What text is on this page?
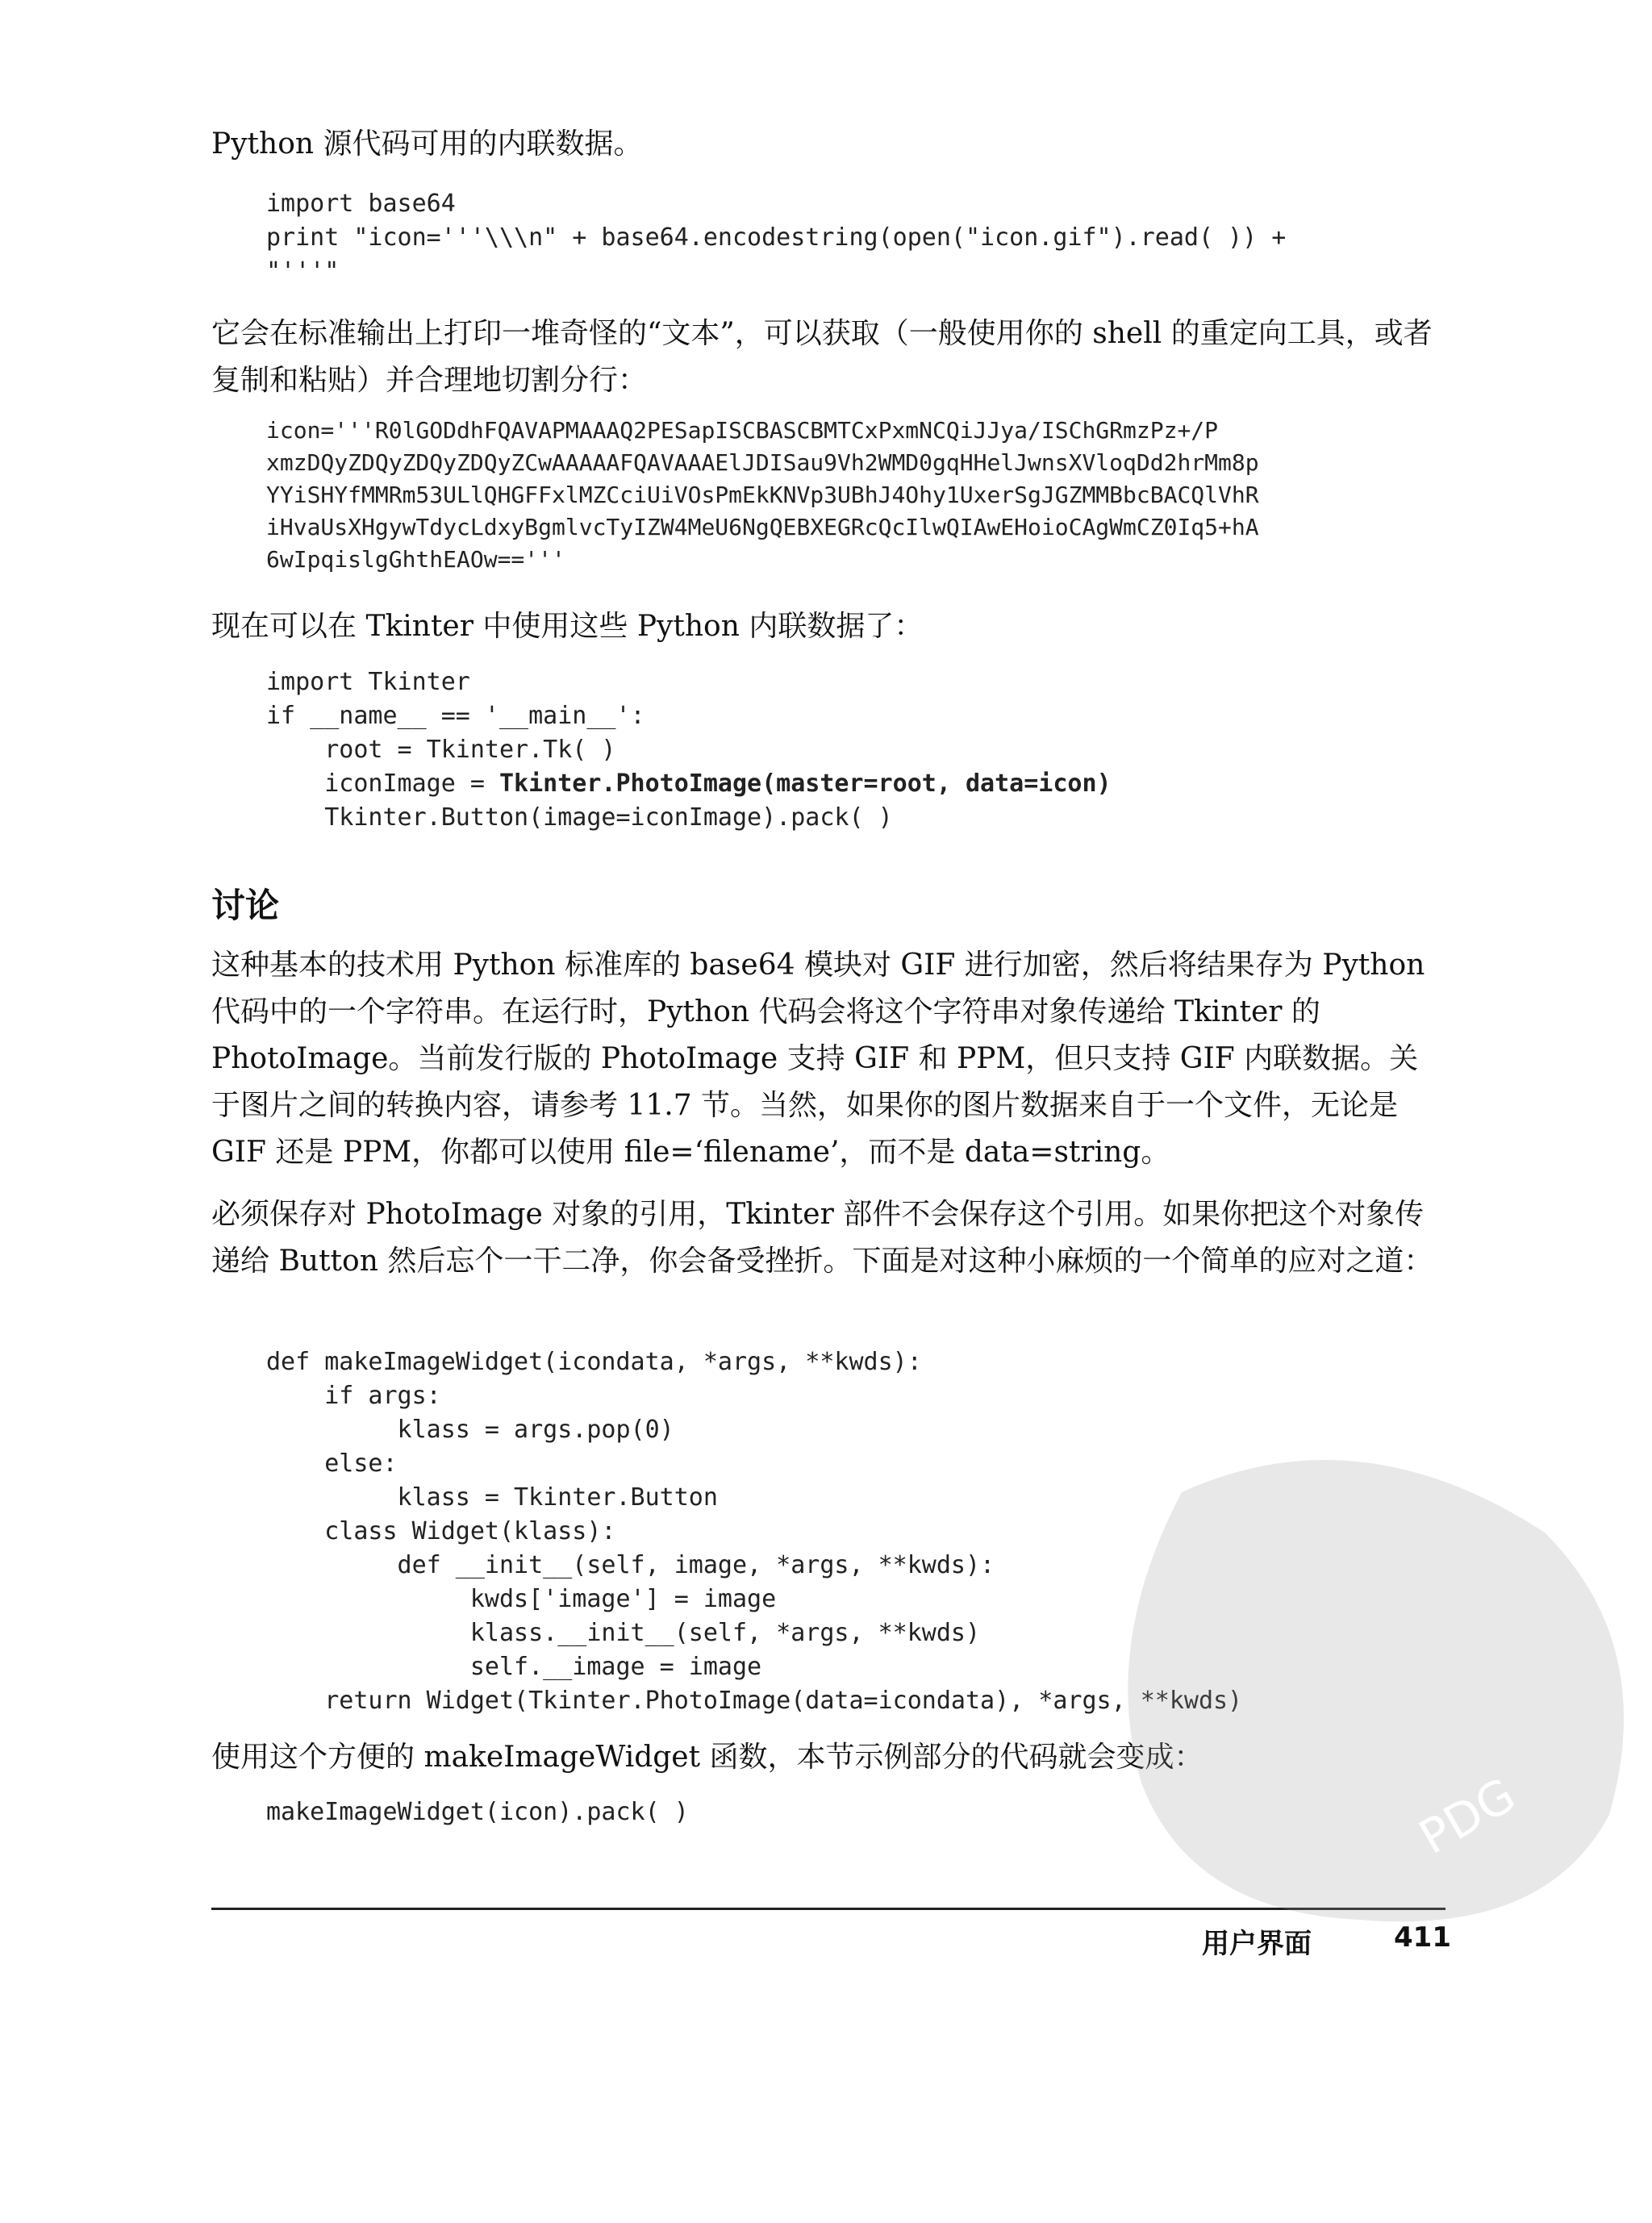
Python 源代码可用的内联数据。

import base64
print "icon='''\\\n" + base64.encodestring(open("icon.gif").read( )) +
"'''"

它会在标准输出上打印一堆奇怪的“文本”，可以获取（一般使用你的 shell 的重定向工具，或者复制和粘贴）并合理地切割分行：

icon='''R0lGODdhFQAVAPMAAAQ2PESapISCBASCBMTCxPxmNCQiJJya/ISChGRmzPz+/P
xmzDQyZDQyZDQyZDQyZCwAAAAAFQAVAAAElJDISau9Vh2WMD0gqHHelJwnsXVloqDd2hrMm8p
YYiSHYfMMRm53ULlQHGFFxlMZCciUiVOsPmEkKNVp3UBhJ4Ohy1UxerSgJGZMMBbcBACQlVhR
iHvaUsXHgywTdycLdxyBgmlvcTyIZW4MeU6NgQEBXEGRcQcIlwQIAwEHoioCAgWmCZ0Iq5+hA
6wIpqislgGhthEAOw=='''

现在可以在 Tkinter 中使用这些 Python 内联数据了：

import Tkinter
if __name__ == '__main__':
root = Tkinter.Tk( )
iconImage = Tkinter.PhotoImage(master=root, data=icon)
Tkinter.Button(image=iconImage).pack( )
讨论

这种基本的技术用 Python 标准库的 base64 模块对 GIF 进行加密，然后将结果存为 Python 代码中的一个字符串。在运行时，Python 代码会将这个字符串对象传递给 Tkinter 的 PhotoImage。当前发行版的 PhotoImage 支持 GIF 和 PPM，但只支持 GIF 内联数据。关于图片之间的转换内容，请参考 11.7 节。当然，如果你的图片数据来自于一个文件，无论是 GIF 还是 PPM，你都可以使用 file=‘filename’，而不是 data=string。

必须保存对 PhotoImage 对象的引用，Tkinter 部件不会保存这个引用。如果你把这个对象传递给 Button 然后忘个一干二净，你会备受挫折。下面是对这种小麻烦的一个简单的应对之道：

def makeImageWidget(icondata, *args, **kwds):
if args:
klass = args.pop(0)
else:
klass = Tkinter.Button
class Widget(klass):
def __init__(self, image, *args, **kwds):
kwds['image'] = image
klass.__init__(self, *args, **kwds)
self.__image = image
return Widget(Tkinter.PhotoImage(data=icondata), *args, **kwds)

使用这个方便的 makeImageWidget 函数，本节示例部分的代码就会变成：

makeImageWidget(icon).pack( )
用户界面	411
PDG
